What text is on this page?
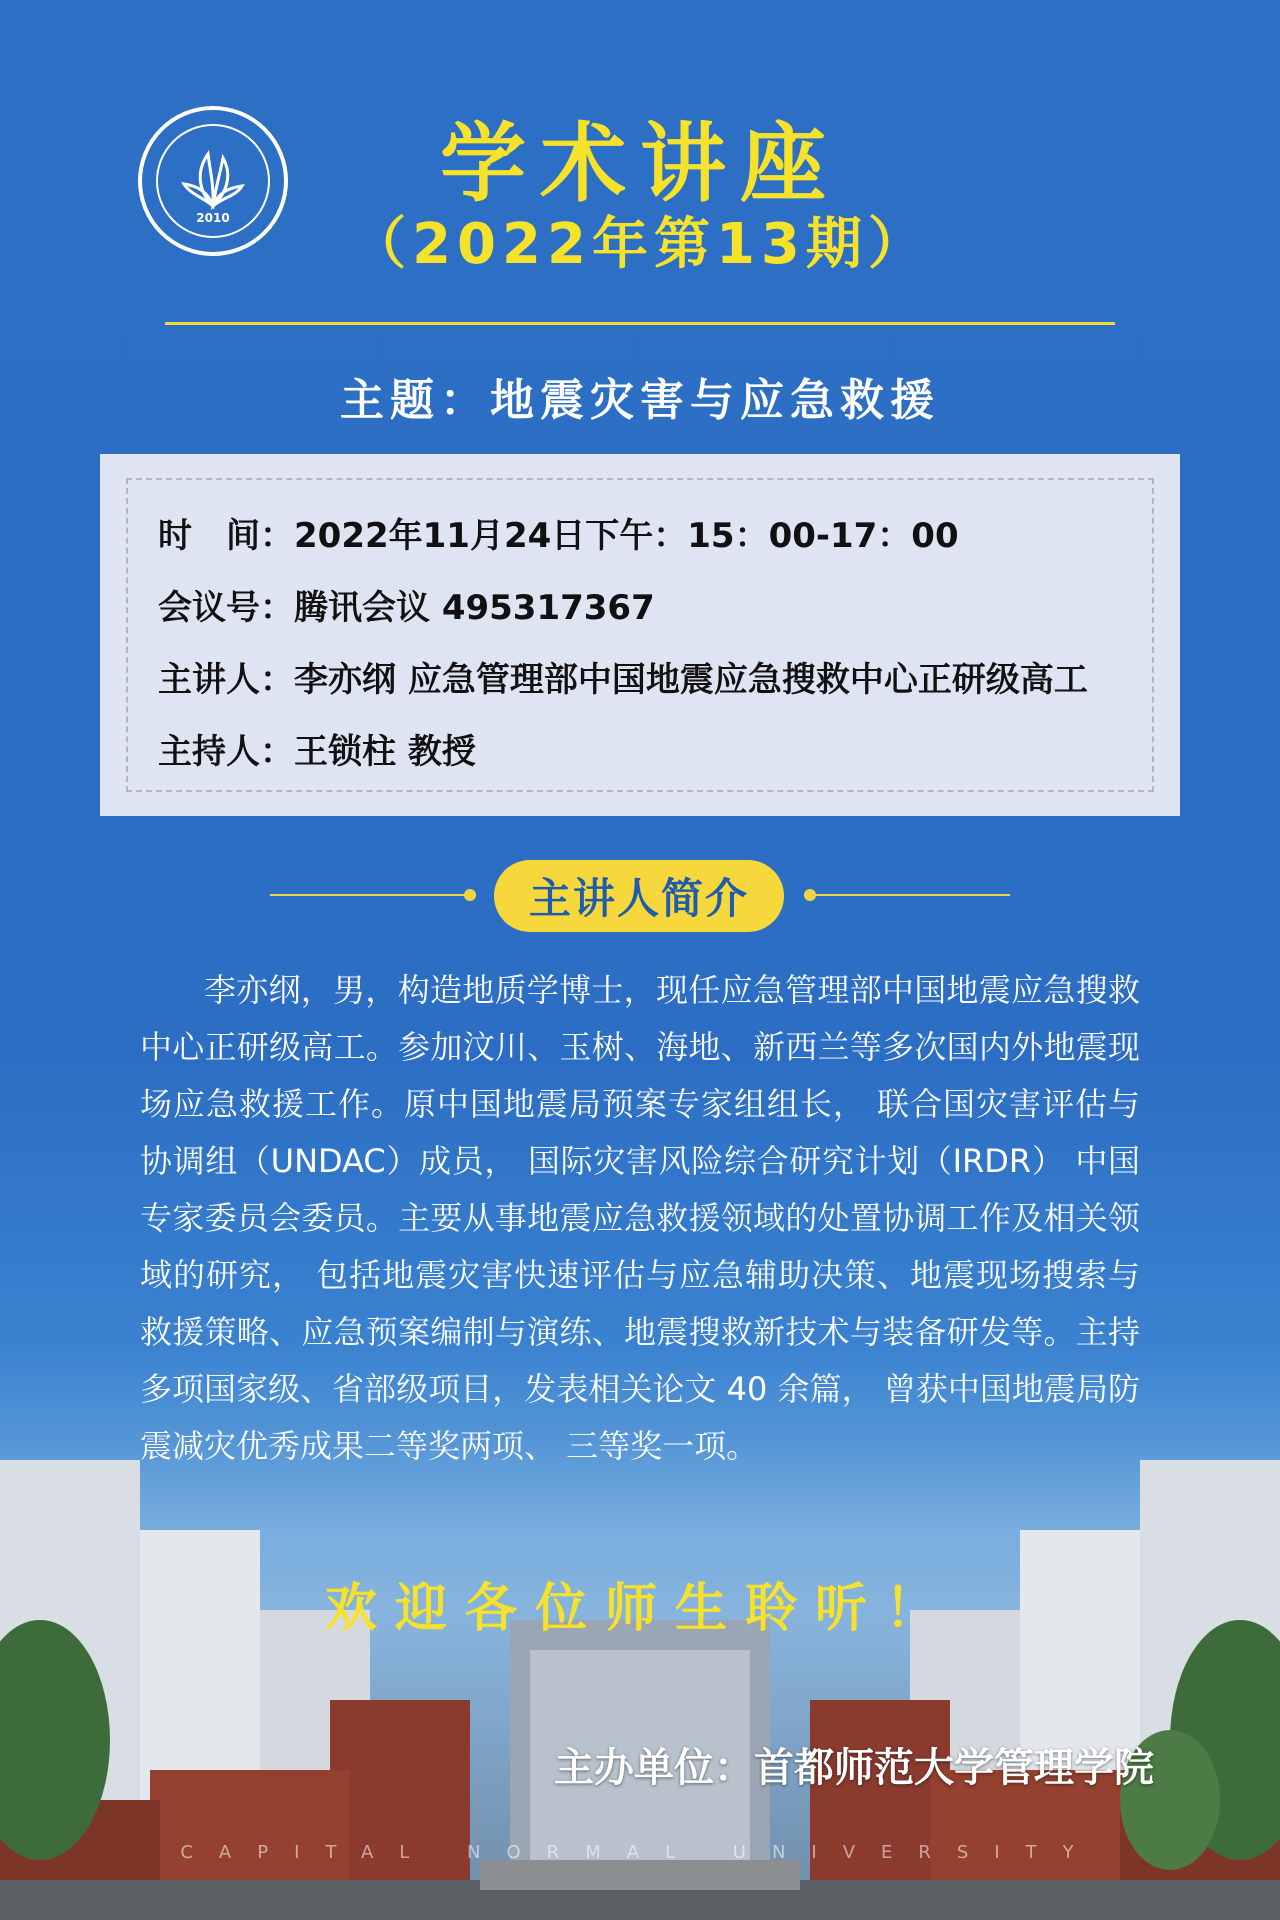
2010
学术讲座
（2022年第13期）
主题：地震灾害与应急救援
时　间：2022年11月24日下午：15：00-17：00
会议号：腾讯会议 495317367
主讲人：李亦纲 应急管理部中国地震应急搜救中心正研级高工
主持人：王锁柱 教授
主讲人简介
李亦纲，男，构造地质学博士，现任应急管理部中国地震应急搜救中心正研级高工。参加汶川、玉树、海地、新西兰等多次国内外地震现场应急救援工作。原中国地震局预案专家组组长， 联合国灾害评估与协调组（UNDAC）成员， 国际灾害风险综合研究计划（IRDR） 中国专家委员会委员。主要从事地震应急救援领域的处置协调工作及相关领域的研究， 包括地震灾害快速评估与应急辅助决策、地震现场搜索与救援策略、应急预案编制与演练、地震搜救新技术与装备研发等。主持多项国家级、省部级项目，发表相关论文 40 余篇， 曾获中国地震局防震减灾优秀成果二等奖两项、 三等奖一项。
欢迎各位师生聆听！
主办单位：首都师范大学管理学院
CAPITAL NORMAL UNIVERSITY
